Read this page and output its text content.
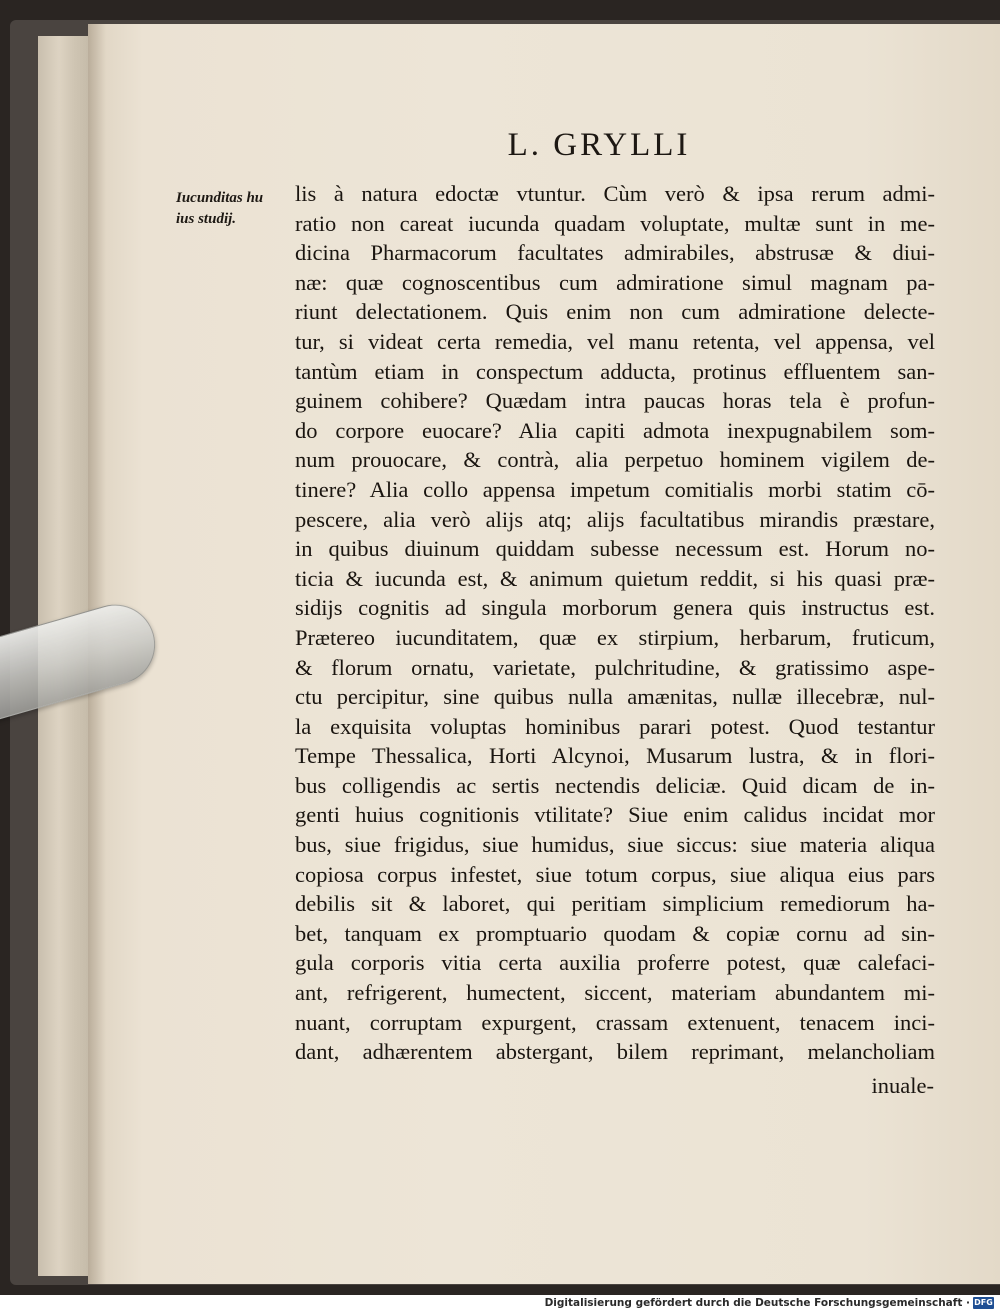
L. GRYLLI
Iucunditas hu
ius studij.
lis à natura edoctæ vtuntur. Cùm verò & ipsa rerum admi-
ratio non careat iucunda quadam voluptate, multæ sunt in me-
dicina Pharmacorum facultates admirabiles, abstrusæ & diui-
næ: quæ cognoscentibus cum admiratione simul magnam pa-
riunt delectationem. Quis enim non cum admiratione delecte-
tur, si videat certa remedia, vel manu retenta, vel appensa, vel
tantùm etiam in conspectum adducta, protinus effluentem san-
guinem cohibere? Quædam intra paucas horas tela è profun-
do corpore euocare? Alia capiti admota inexpugnabilem som-
num prouocare, & contrà, alia perpetuo hominem vigilem de-
tinere? Alia collo appensa impetum comitialis morbi statim cō-
pescere, alia verò alijs atq; alijs facultatibus mirandis præstare,
in quibus diuinum quiddam subesse necessum est. Horum no-
ticia & iucunda est, & animum quietum reddit, si his quasi præ-
sidijs cognitis ad singula morborum genera quis instructus est.
Prætereo iucunditatem, quæ ex stirpium, herbarum, fruticum,
& florum ornatu, varietate, pulchritudine, & gratissimo aspe-
ctu percipitur, sine quibus nulla amænitas, nullæ illecebræ, nul-
la exquisita voluptas hominibus parari potest. Quod testantur
Tempe Thessalica, Horti Alcynoi, Musarum lustra, & in flori-
bus colligendis ac sertis nectendis deliciæ. Quid dicam de in-
genti huius cognitionis vtilitate? Siue enim calidus incidat mor
bus, siue frigidus, siue humidus, siue siccus: siue materia aliqua
copiosa corpus infestet, siue totum corpus, siue aliqua eius pars
debilis sit & laboret, qui peritiam simplicium remediorum ha-
bet, tanquam ex promptuario quodam & copiæ cornu ad sin-
gula corporis vitia certa auxilia proferre potest, quæ calefaci-
ant, refrigerent, humectent, siccent, materiam abundantem mi-
nuant, corruptam expurgent, crassam extenuent, tenacem inci-
dant, adhærentem abstergant, bilem reprimant, melancholiam
inuale-
Digitalisierung gefördert durch die Deutsche Forschungsgemeinschaft · DFG
